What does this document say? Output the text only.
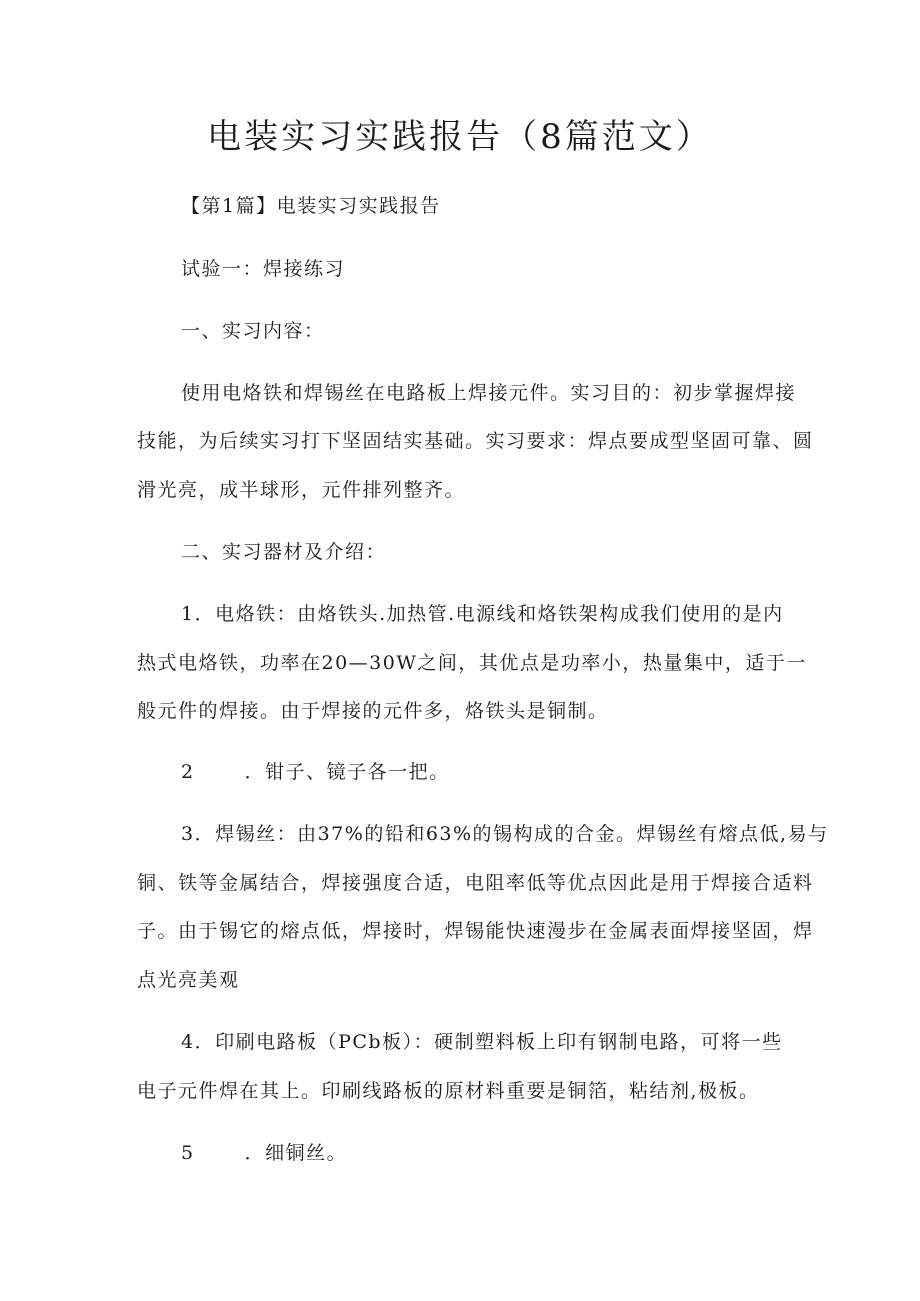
电装实习实践报告（8篇范文）
【第1篇】电装实习实践报告
试验一：焊接练习
一、实习内容：
使用电烙铁和焊锡丝在电路板上焊接元件。实习目的：初步掌握焊接
技能，为后续实习打下坚固结实基础。实习要求：焊点要成型坚固可靠、圆
滑光亮，成半球形，元件排列整齐。
二、实习器材及介绍：
1．电烙铁：由烙铁头.加热管.电源线和烙铁架构成我们使用的是内
热式电烙铁，功率在20—30W之间，其优点是功率小，热量集中，适于一
般元件的焊接。由于焊接的元件多，烙铁头是铜制。
2	．钳子、镜子各一把。
3．焊锡丝：由37%的铅和63%的锡构成的合金。焊锡丝有熔点低,易与
铜、铁等金属结合，焊接强度合适，电阻率低等优点因此是用于焊接合适料
子。由于锡它的熔点低，焊接时，焊锡能快速漫步在金属表面焊接坚固，焊
点光亮美观
4．印刷电路板（PCb板）：硬制塑料板上印有钢制电路，可将一些
电子元件焊在其上。印刷线路板的原材料重要是铜箔，粘结剂,极板。
5	．细铜丝。
